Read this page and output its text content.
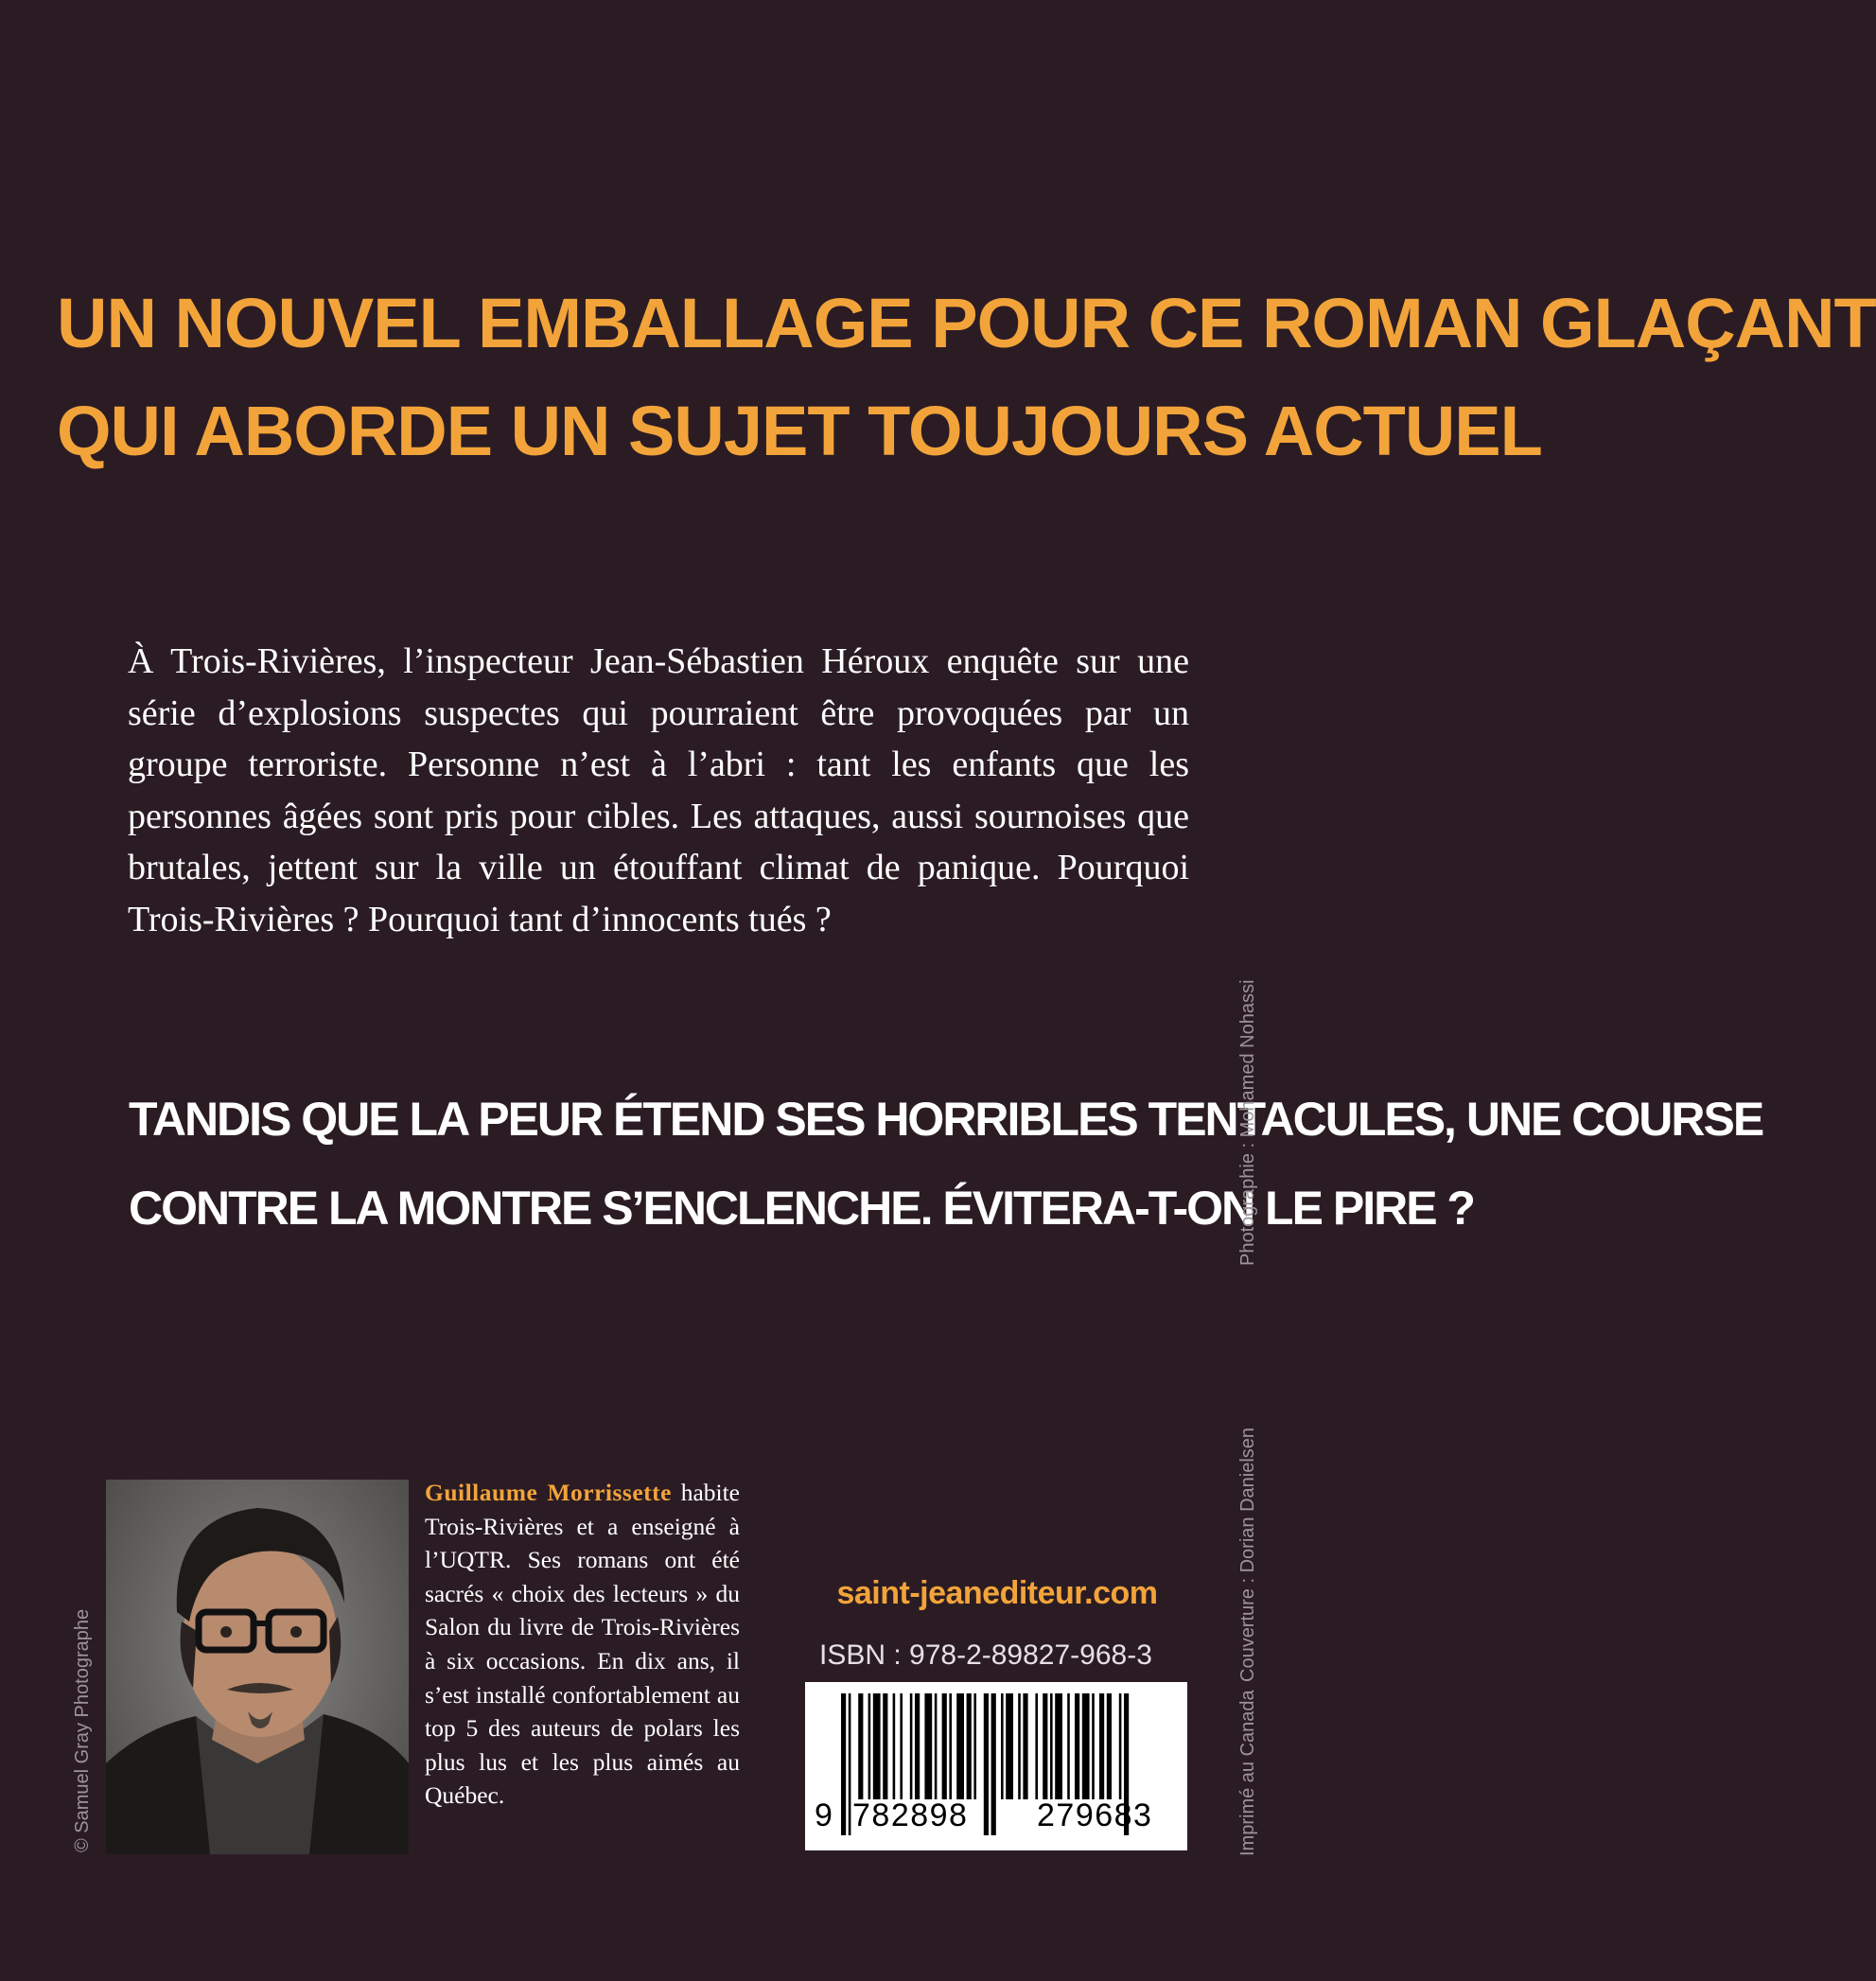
UN NOUVEL EMBALLAGE POUR CE ROMAN GLAÇANT
QUI ABORDE UN SUJET TOUJOURS ACTUEL

À Trois-Rivières, l’inspecteur Jean-Sébastien Héroux enquête sur une série d’explosions suspectes qui pourraient être provoquées par un groupe terroriste. Personne n’est à l’abri : tant les enfants que les personnes âgées sont pris pour cibles. Les attaques, aussi sournoises que brutales, jettent sur la ville un étouffant climat de panique. Pourquoi Trois-Rivières ? Pourquoi tant d’innocents tués ?

TANDIS QUE LA PEUR ÉTEND SES HORRIBLES TENTACULES, UNE COURSE
CONTRE LA MONTRE S’ENCLENCHE. ÉVITERA-T-ON LE PIRE ?
© Samuel Gray Photographe
Guillaume Morrissette habite Trois-Rivières et a enseigné à l’UQTR. Ses romans ont été sacrés « choix des lecteurs » du Salon du livre de Trois-Rivières à six occasions. En dix ans, il s’est installé confortablement au top 5 des auteurs de polars les plus lus et les plus aimés au Québec.
saint-jeanediteur.com
ISBN : 978-2-89827-968-3
9 782898 279683	Imprimé au Canada
Couverture : Dorian Danielsen
Photographie : Mohamed Nohassi
